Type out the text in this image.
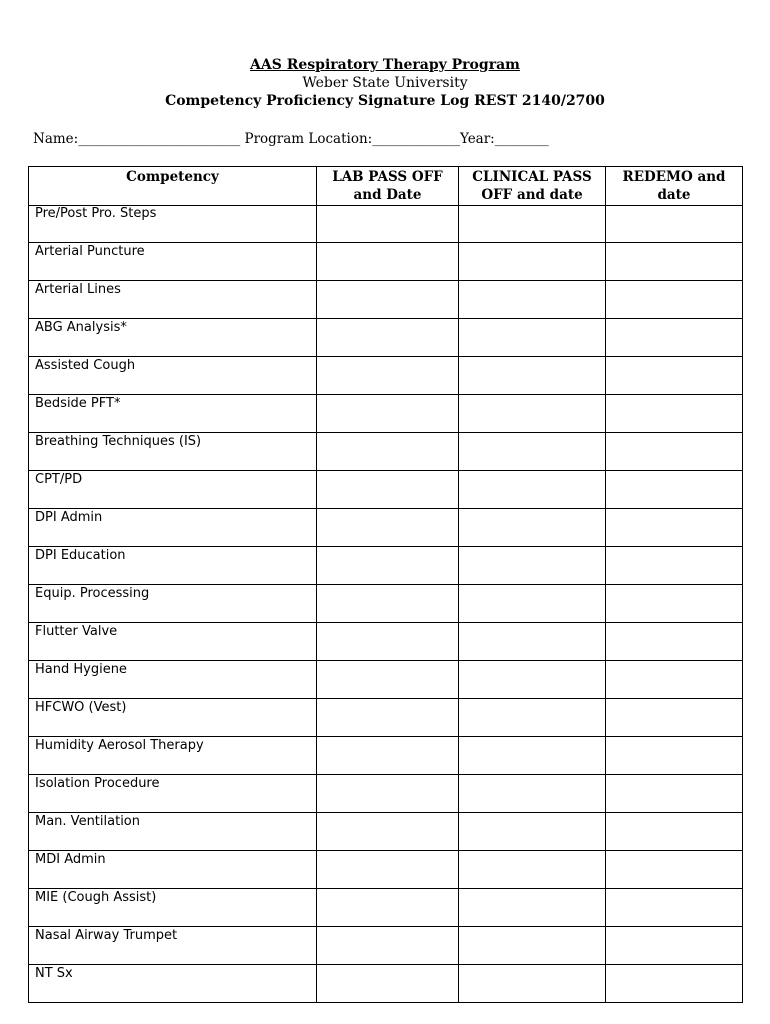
AAS Respiratory Therapy Program
Weber State University
Competency Proficiency Signature Log REST 2140/2700
Name:________________________ Program Location:_____________Year:________
Competency	LAB PASS OFF and Date	CLINICAL PASS OFF and date	REDEMO and date
Pre/Post Pro. Steps			
Arterial Puncture			
Arterial Lines			
ABG Analysis*			
Assisted Cough			
Bedside PFT*			
Breathing Techniques (IS)			
CPT/PD			
DPI Admin			
DPI Education			
Equip. Processing			
Flutter Valve			
Hand Hygiene			
HFCWO (Vest)			
Humidity Aerosol Therapy			
Isolation Procedure			
Man. Ventilation			
MDI Admin			
MIE (Cough Assist)			
Nasal Airway Trumpet			
NT Sx			
